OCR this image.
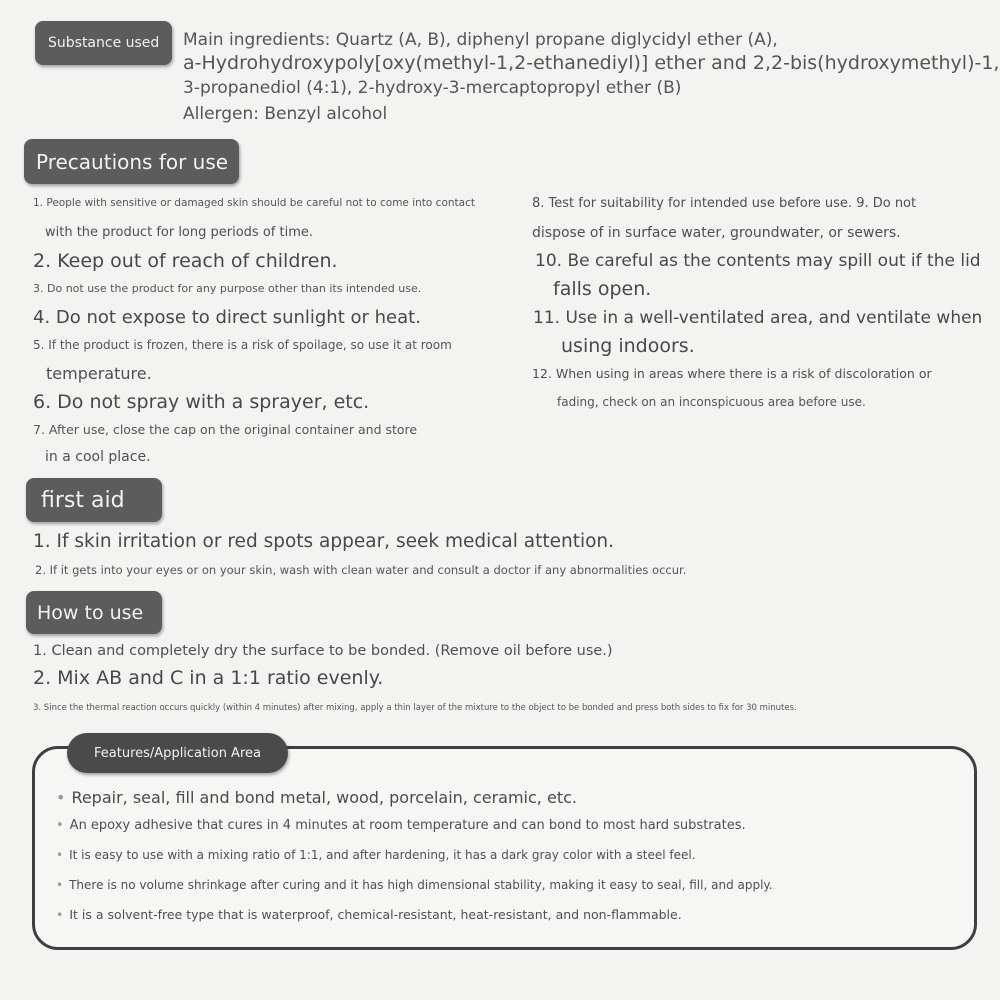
Substance used	Main ingredients: Quartz (A, B), diphenyl propane diglycidyl ether (A),
a-Hydrohydroxypoly[oxy(methyl-1,2-ethanediyl)] ether and 2,2-bis(hydroxymethyl)-1,
3-propanediol (4:1), 2-hydroxy-3-mercaptopropyl ether (B)
Allergen: Benzyl alcohol
Precautions for use
1. People with sensitive or damaged skin should be careful not to come into contact
with the product for long periods of time.
2. Keep out of reach of children.
3. Do not use the product for any purpose other than its intended use.
4. Do not expose to direct sunlight or heat.
5. If the product is frozen, there is a risk of spoilage, so use it at room
temperature.
6. Do not spray with a sprayer, etc.
7. After use, close the cap on the original container and store
in a cool place.
8. Test for suitability for intended use before use. 9. Do not
dispose of in surface water, groundwater, or sewers.
10. Be careful as the contents may spill out if the lid
falls open.
11. Use in a well-ventilated area, and ventilate when
using indoors.
12. When using in areas where there is a risk of discoloration or
fading, check on an inconspicuous area before use.
first aid
1. If skin irritation or red spots appear, seek medical attention.
2. If it gets into your eyes or on your skin, wash with clean water and consult a doctor if any abnormalities occur.
How to use
1. Clean and completely dry the surface to be bonded. (Remove oil before use.)
2. Mix AB and C in a 1:1 ratio evenly.
3. Since the thermal reaction occurs quickly (within 4 minutes) after mixing, apply a thin layer of the mixture to the object to be bonded and press both sides to fix for 30 minutes.
Features/Application Area
• Repair, seal, fill and bond metal, wood, porcelain, ceramic, etc.
• An epoxy adhesive that cures in 4 minutes at room temperature and can bond to most hard substrates.
• It is easy to use with a mixing ratio of 1:1, and after hardening, it has a dark gray color with a steel feel.
• There is no volume shrinkage after curing and it has high dimensional stability, making it easy to seal, fill, and apply.
• It is a solvent-free type that is waterproof, chemical-resistant, heat-resistant, and non-flammable.
